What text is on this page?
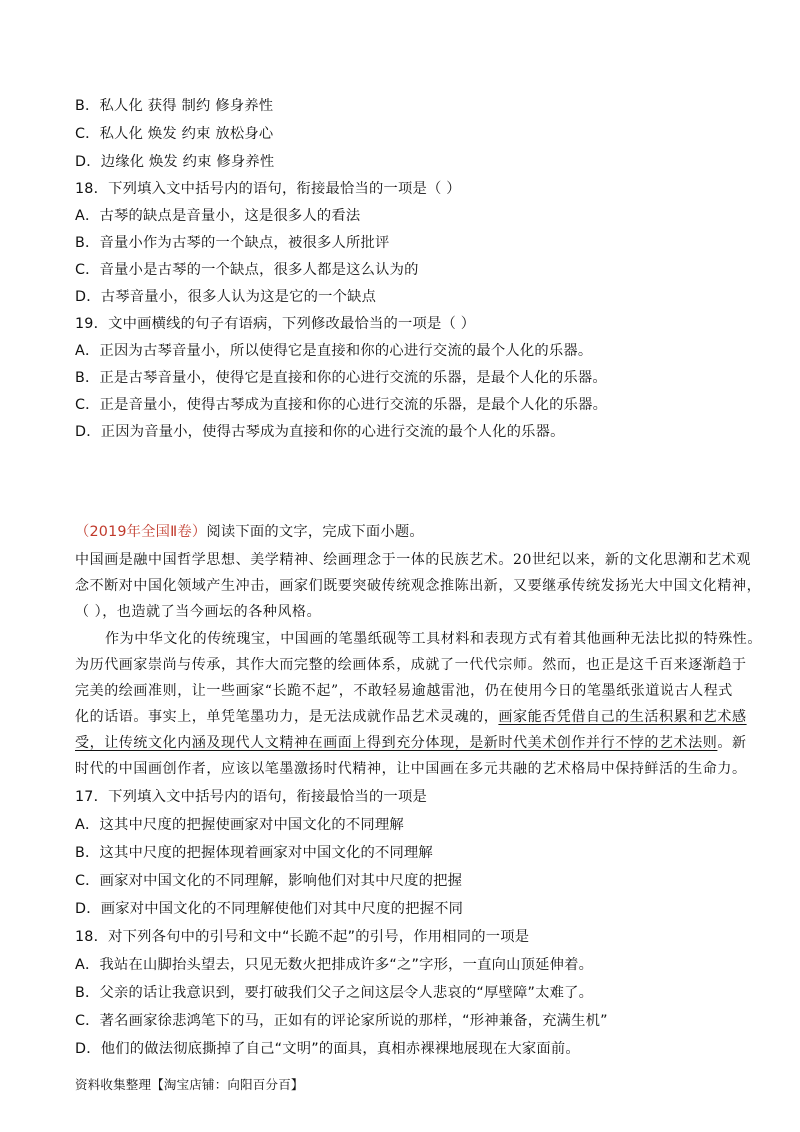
B．私人化 获得 制约 修身养性
C．私人化 焕发 约束 放松身心
D．边缘化 焕发 约束 修身养性
18．下列填入文中括号内的语句，衔接最恰当的一项是（ ）
A．古琴的缺点是音量小，这是很多人的看法
B．音量小作为古琴的一个缺点，被很多人所批评
C．音量小是古琴的一个缺点，很多人都是这么认为的
D．古琴音量小，很多人认为这是它的一个缺点
19．文中画横线的句子有语病，下列修改最恰当的一项是（ ）
A．正因为古琴音量小，所以使得它是直接和你的心进行交流的最个人化的乐器。
B．正是古琴音量小，使得它是直接和你的心进行交流的乐器，是最个人化的乐器。
C．正是音量小，使得古琴成为直接和你的心进行交流的乐器，是最个人化的乐器。
D．正因为音量小，使得古琴成为直接和你的心进行交流的最个人化的乐器。
（2019年全国Ⅱ卷）阅读下面的文字，完成下面小题。
中国画是融中国哲学思想、美学精神、绘画理念于一体的民族艺术。20世纪以来，新的文化思潮和艺术观
念不断对中国化领域产生冲击，画家们既要突破传统观念推陈出新，又要继承传统发扬光大中国文化精神，
（ ），也造就了当今画坛的各种风格。
作为中华文化的传统瑰宝，中国画的笔墨纸砚等工具材料和表现方式有着其他画种无法比拟的特殊性。
为历代画家崇尚与传承，其作大而完整的绘画体系，成就了一代代宗师。然而，也正是这千百来逐渐趋于
完美的绘画准则，让一些画家“长跪不起”，不敢轻易逾越雷池，仍在使用今日的笔墨纸张道说古人程式
化的话语。事实上，单凭笔墨功力，是无法成就作品艺术灵魂的，画家能否凭借自己的生活积累和艺术感
受，让传统文化内涵及现代人文精神在画面上得到充分体现，是新时代美术创作并行不悖的艺术法则。新
时代的中国画创作者，应该以笔墨激扬时代精神，让中国画在多元共融的艺术格局中保持鲜活的生命力。
17．下列填入文中括号内的语句，衔接最恰当的一项是
A．这其中尺度的把握使画家对中国文化的不同理解
B．这其中尺度的把握体现着画家对中国文化的不同理解
C．画家对中国文化的不同理解，影响他们对其中尺度的把握
D．画家对中国文化的不同理解使他们对其中尺度的把握不同
18．对下列各句中的引号和文中“长跪不起”的引号，作用相同的一项是
A．我站在山脚抬头望去，只见无数火把排成许多“之”字形，一直向山顶延伸着。
B．父亲的话让我意识到，要打破我们父子之间这层令人悲哀的“厚壁障”太难了。
C．著名画家徐悲鸿笔下的马，正如有的评论家所说的那样，“形神兼备，充满生机”
D．他们的做法彻底撕掉了自己“文明”的面具，真相赤裸裸地展现在大家面前。
资料收集整理【淘宝店铺：向阳百分百】
